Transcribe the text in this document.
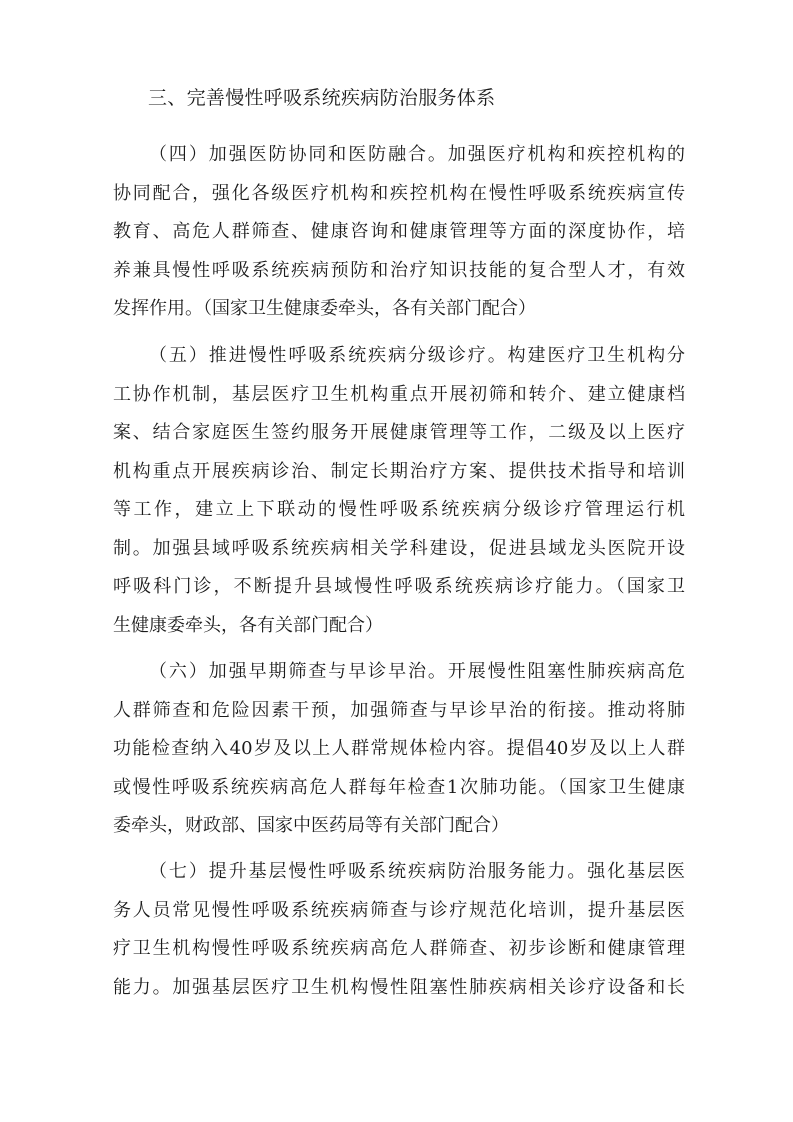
三、完善慢性呼吸系统疾病防治服务体系
（四）加强医防协同和医防融合。加强医疗机构和疾控机构的
协同配合，强化各级医疗机构和疾控机构在慢性呼吸系统疾病宣传
教育、高危人群筛查、健康咨询和健康管理等方面的深度协作，培
养兼具慢性呼吸系统疾病预防和治疗知识技能的复合型人才，有效
发挥作用。（国家卫生健康委牵头，各有关部门配合）
（五）推进慢性呼吸系统疾病分级诊疗。构建医疗卫生机构分
工协作机制，基层医疗卫生机构重点开展初筛和转介、建立健康档
案、结合家庭医生签约服务开展健康管理等工作，二级及以上医疗
机构重点开展疾病诊治、制定长期治疗方案、提供技术指导和培训
等工作，建立上下联动的慢性呼吸系统疾病分级诊疗管理运行机
制。加强县域呼吸系统疾病相关学科建设，促进县域龙头医院开设
呼吸科门诊，不断提升县域慢性呼吸系统疾病诊疗能力。（国家卫
生健康委牵头，各有关部门配合）
（六）加强早期筛查与早诊早治。开展慢性阻塞性肺疾病高危
人群筛查和危险因素干预，加强筛查与早诊早治的衔接。推动将肺
功能检查纳入40岁及以上人群常规体检内容。提倡40岁及以上人群
或慢性呼吸系统疾病高危人群每年检查1次肺功能。（国家卫生健康
委牵头，财政部、国家中医药局等有关部门配合）
（七）提升基层慢性呼吸系统疾病防治服务能力。强化基层医
务人员常见慢性呼吸系统疾病筛查与诊疗规范化培训，提升基层医
疗卫生机构慢性呼吸系统疾病高危人群筛查、初步诊断和健康管理
能力。加强基层医疗卫生机构慢性阻塞性肺疾病相关诊疗设备和长
